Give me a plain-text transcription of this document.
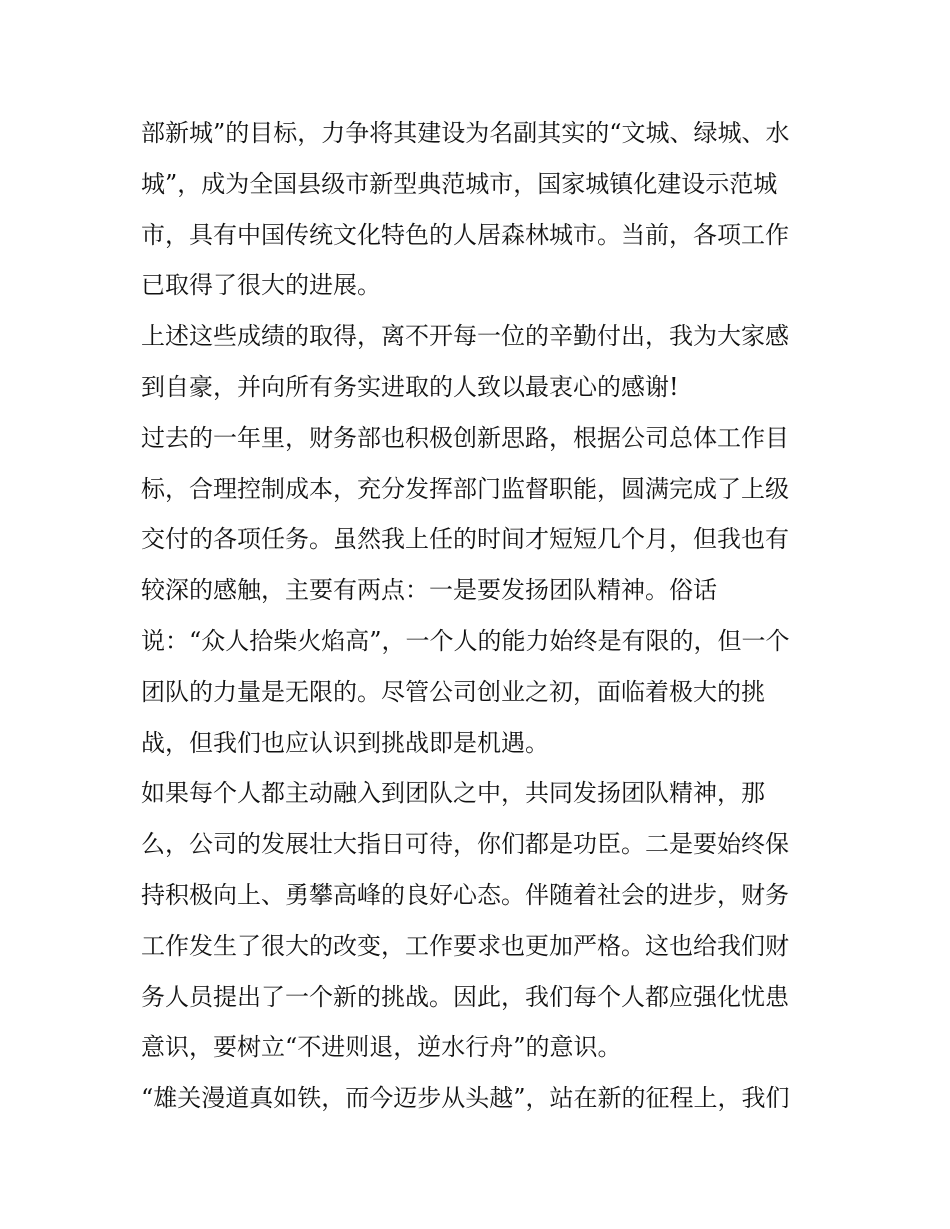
部新城”的目标，力争将其建设为名副其实的“文城、绿城、水
城”，成为全国县级市新型典范城市，国家城镇化建设示范城
市，具有中国传统文化特色的人居森林城市。当前，各项工作
已取得了很大的进展。
上述这些成绩的取得，离不开每一位的辛勤付出，我为大家感
到自豪，并向所有务实进取的人致以最衷心的感谢!
过去的一年里，财务部也积极创新思路，根据公司总体工作目
标，合理控制成本，充分发挥部门监督职能，圆满完成了上级
交付的各项任务。虽然我上任的时间才短短几个月，但我也有
较深的感触，主要有两点：一是要发扬团队精神。俗话
说：“众人拾柴火焰高”，一个人的能力始终是有限的，但一个
团队的力量是无限的。尽管公司创业之初，面临着极大的挑
战，但我们也应认识到挑战即是机遇。
如果每个人都主动融入到团队之中，共同发扬团队精神，那
么，公司的发展壮大指日可待，你们都是功臣。二是要始终保
持积极向上、勇攀高峰的良好心态。伴随着社会的进步，财务
工作发生了很大的改变，工作要求也更加严格。这也给我们财
务人员提出了一个新的挑战。因此，我们每个人都应强化忧患
意识，要树立“不进则退，逆水行舟”的意识。
“雄关漫道真如铁，而今迈步从头越”，站在新的征程上，我们
